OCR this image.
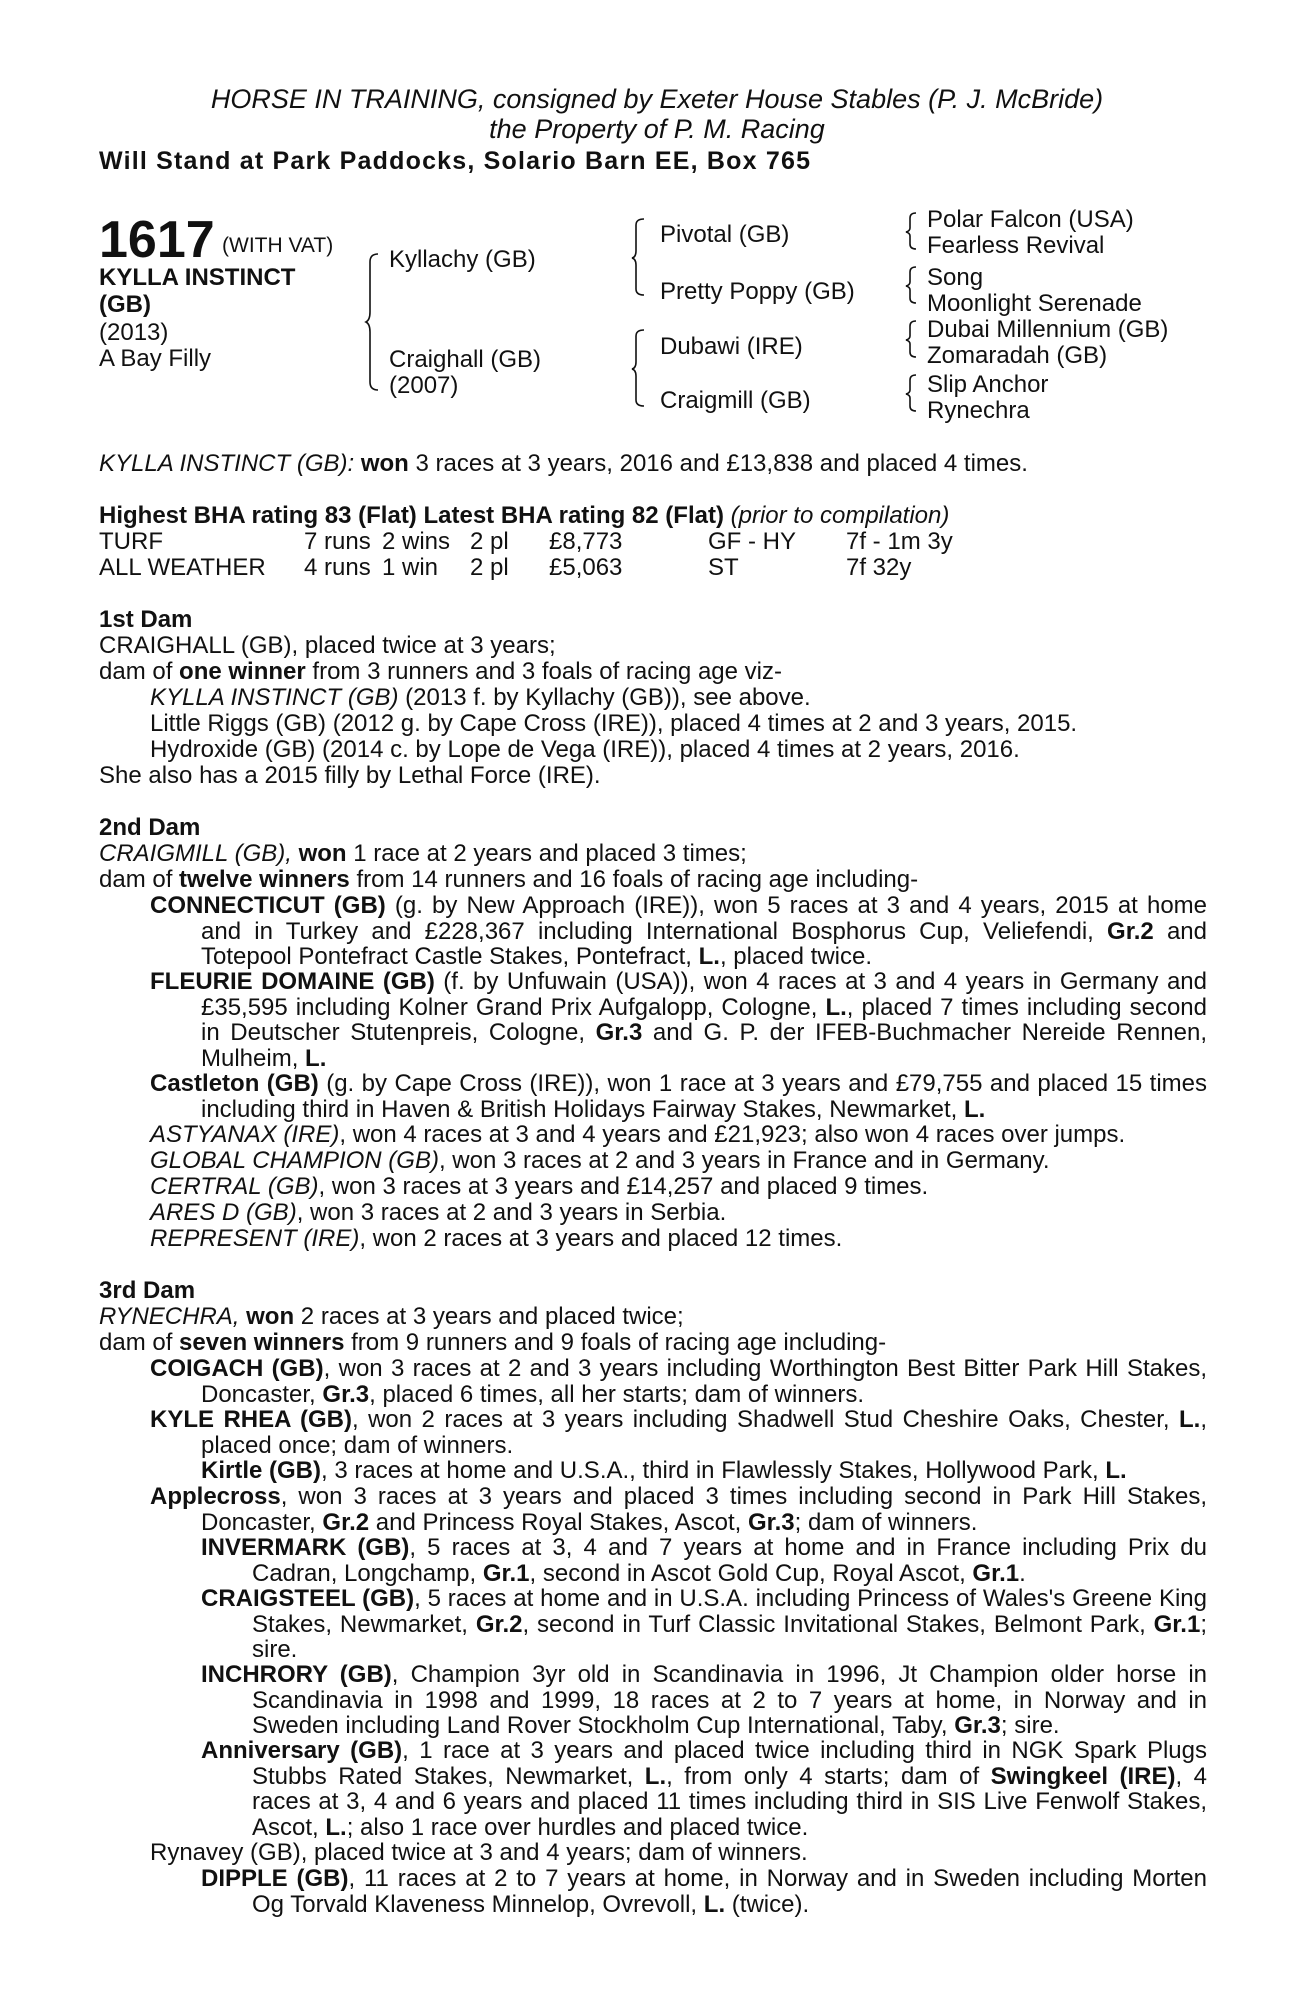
HORSE IN TRAINING, consigned by Exeter House Stables (P. J. McBride)
the Property of P. M. Racing
Will Stand at Park Paddocks, Solario Barn EE, Box 765
1617 (WITH VAT)
KYLLA INSTINCT
(GB)
(2013)
A Bay Filly
Kyllachy (GB)
Craighall (GB)
(2007)
Pivotal (GB)
Pretty Poppy (GB)
Dubawi (IRE)
Craigmill (GB)
Polar Falcon (USA)
Fearless Revival
Song
Moonlight Serenade
Dubai Millennium (GB)
Zomaradah (GB)
Slip Anchor
Rynechra
KYLLA INSTINCT (GB): won 3 races at 3 years, 2016 and £13,838 and placed 4 times.
Highest BHA rating 83 (Flat) Latest BHA rating 82 (Flat) (prior to compilation)
TURF	7 runs 2 wins 2 pl £8,773	GF - HY 7f - 1m 3y
ALL WEATHER 4 runs 1 win 2 pl £5,063	ST	7f 32y
1st Dam
CRAIGHALL (GB), placed twice at 3 years;
dam of one winner from 3 runners and 3 foals of racing age viz-
KYLLA INSTINCT (GB) (2013 f. by Kyllachy (GB)), see above.
Little Riggs (GB) (2012 g. by Cape Cross (IRE)), placed 4 times at 2 and 3 years, 2015.
Hydroxide (GB) (2014 c. by Lope de Vega (IRE)), placed 4 times at 2 years, 2016.
She also has a 2015 filly by Lethal Force (IRE).
2nd Dam
CRAIGMILL (GB), won 1 race at 2 years and placed 3 times;
dam of twelve winners from 14 runners and 16 foals of racing age including-
CONNECTICUT (GB) (g. by New Approach (IRE)), won 5 races at 3 and 4 years, 2015 at home and in Turkey and £228,367 including International Bosphorus Cup, Veliefendi, Gr.2 and Totepool Pontefract Castle Stakes, Pontefract, L., placed twice.
FLEURIE DOMAINE (GB) (f. by Unfuwain (USA)), won 4 races at 3 and 4 years in Germany and £35,595 including Kolner Grand Prix Aufgalopp, Cologne, L., placed 7 times including second in Deutscher Stutenpreis, Cologne, Gr.3 and G. P. der IFEB-Buchmacher Nereide Rennen, Mulheim, L.
Castleton (GB) (g. by Cape Cross (IRE)), won 1 race at 3 years and £79,755 and placed 15 times including third in Haven & British Holidays Fairway Stakes, Newmarket, L.
ASTYANAX (IRE), won 4 races at 3 and 4 years and £21,923; also won 4 races over jumps.
GLOBAL CHAMPION (GB), won 3 races at 2 and 3 years in France and in Germany.
CERTRAL (GB), won 3 races at 3 years and £14,257 and placed 9 times.
ARES D (GB), won 3 races at 2 and 3 years in Serbia.
REPRESENT (IRE), won 2 races at 3 years and placed 12 times.
3rd Dam
RYNECHRA, won 2 races at 3 years and placed twice;
dam of seven winners from 9 runners and 9 foals of racing age including-
COIGACH (GB), won 3 races at 2 and 3 years including Worthington Best Bitter Park Hill Stakes, Doncaster, Gr.3, placed 6 times, all her starts; dam of winners.
KYLE RHEA (GB), won 2 races at 3 years including Shadwell Stud Cheshire Oaks, Chester, L., placed once; dam of winners.
Kirtle (GB), 3 races at home and U.S.A., third in Flawlessly Stakes, Hollywood Park, L.
Applecross, won 3 races at 3 years and placed 3 times including second in Park Hill Stakes, Doncaster, Gr.2 and Princess Royal Stakes, Ascot, Gr.3; dam of winners.
INVERMARK (GB), 5 races at 3, 4 and 7 years at home and in France including Prix du Cadran, Longchamp, Gr.1, second in Ascot Gold Cup, Royal Ascot, Gr.1.
CRAIGSTEEL (GB), 5 races at home and in U.S.A. including Princess of Wales's Greene King Stakes, Newmarket, Gr.2, second in Turf Classic Invitational Stakes, Belmont Park, Gr.1; sire.
INCHRORY (GB), Champion 3yr old in Scandinavia in 1996, Jt Champion older horse in Scandinavia in 1998 and 1999, 18 races at 2 to 7 years at home, in Norway and in Sweden including Land Rover Stockholm Cup International, Taby, Gr.3; sire.
Anniversary (GB), 1 race at 3 years and placed twice including third in NGK Spark Plugs Stubbs Rated Stakes, Newmarket, L., from only 4 starts; dam of Swingkeel (IRE), 4 races at 3, 4 and 6 years and placed 11 times including third in SIS Live Fenwolf Stakes, Ascot, L.; also 1 race over hurdles and placed twice.
Rynavey (GB), placed twice at 3 and 4 years; dam of winners.
DIPPLE (GB), 11 races at 2 to 7 years at home, in Norway and in Sweden including Morten Og Torvald Klaveness Minnelop, Ovrevoll, L. (twice).
